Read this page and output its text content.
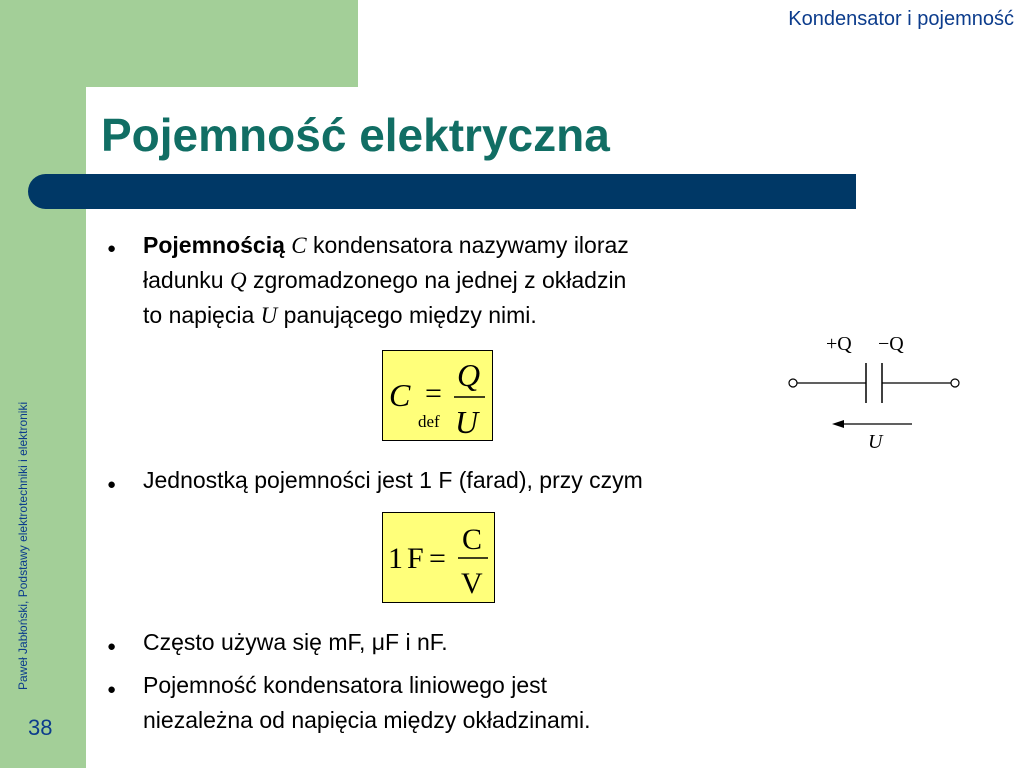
Kondensator i pojemność
Pojemność elektryczna
Paweł Jabłoński, Podstawy elektrotechniki i elektroniki
38
●
Pojemnością C kondensatora nazywamy iloraz
ładunku Q zgromadzonego na jednej z okładzin
to napięcia U panującego między nimi.
C =
def
Q
U
+Q −Q
U
●
Jednostką pojemności jest 1 F (farad), przy czym
1 F =
C
V
●
Często używa się mF, μF i nF.
●
Pojemność kondensatora liniowego jest
niezależna od napięcia między okładzinami.
